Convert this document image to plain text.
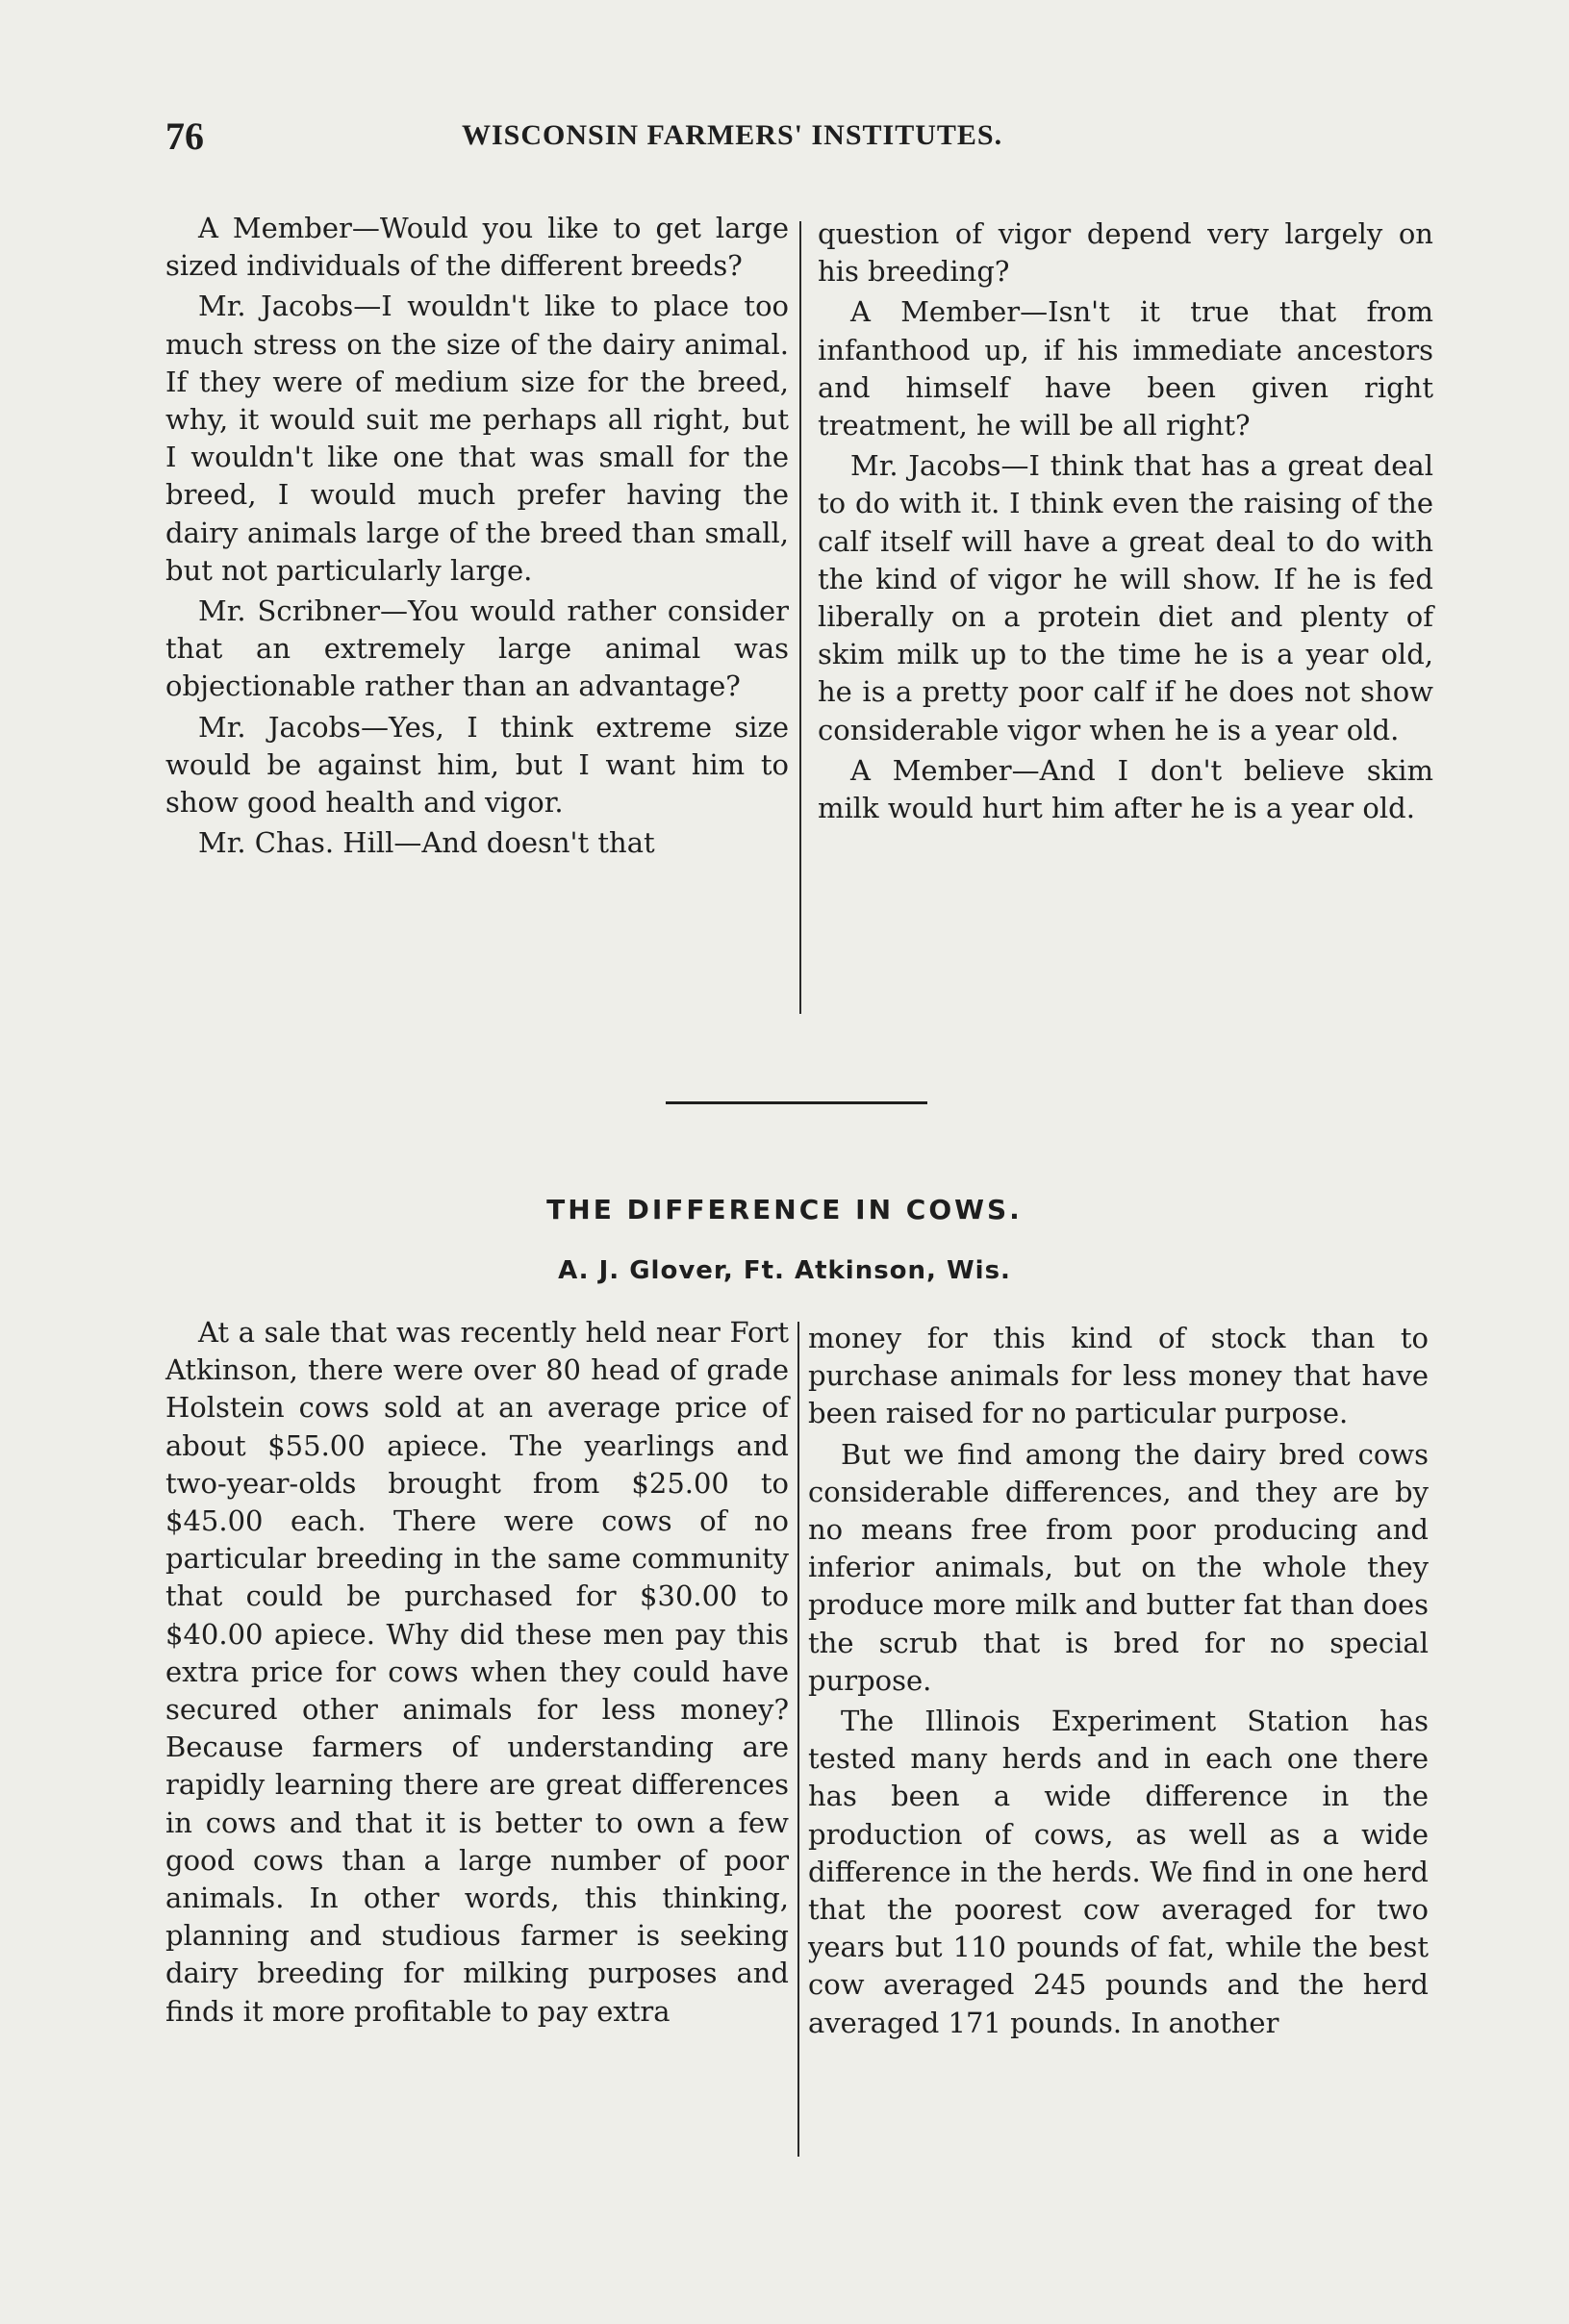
76	WISCONSIN FARMERS' INSTITUTES.

A Member—Would you like to get large sized individuals of the different breeds?

Mr. Jacobs—I wouldn't like to place too much stress on the size of the dairy animal. If they were of medium size for the breed, why, it would suit me perhaps all right, but I wouldn't like one that was small for the breed, I would much prefer having the dairy animals large of the breed than small, but not particularly large.

Mr. Scribner—You would rather consider that an extremely large animal was objectionable rather than an advantage?

Mr. Jacobs—Yes, I think extreme size would be against him, but I want him to show good health and vigor.

Mr. Chas. Hill—And doesn't that

question of vigor depend very largely on his breeding?

A Member—Isn't it true that from infanthood up, if his immediate ancestors and himself have been given right treatment, he will be all right?

Mr. Jacobs—I think that has a great deal to do with it. I think even the raising of the calf itself will have a great deal to do with the kind of vigor he will show. If he is fed liberally on a protein diet and plenty of skim milk up to the time he is a year old, he is a pretty poor calf if he does not show considerable vigor when he is a year old.

A Member—And I don't believe skim milk would hurt him after he is a year old.

THE DIFFERENCE IN COWS.
A. J. Glover, Ft. Atkinson, Wis.

At a sale that was recently held near Fort Atkinson, there were over 80 head of grade Holstein cows sold at an average price of about $55.00 apiece. The yearlings and two-year-olds brought from $25.00 to $45.00 each. There were cows of no particular breeding in the same community that could be purchased for $30.00 to $40.00 apiece. Why did these men pay this extra price for cows when they could have secured other animals for less money? Because farmers of understanding are rapidly learning there are great differences in cows and that it is better to own a few good cows than a large number of poor animals. In other words, this thinking, planning and studious farmer is seeking dairy breeding for milking purposes and finds it more profitable to pay extra

money for this kind of stock than to purchase animals for less money that have been raised for no particular purpose.

But we find among the dairy bred cows considerable differences, and they are by no means free from poor producing and inferior animals, but on the whole they produce more milk and butter fat than does the scrub that is bred for no special purpose.

The Illinois Experiment Station has tested many herds and in each one there has been a wide difference in the production of cows, as well as a wide difference in the herds. We find in one herd that the poorest cow averaged for two years but 110 pounds of fat, while the best cow averaged 245 pounds and the herd averaged 171 pounds. In another
